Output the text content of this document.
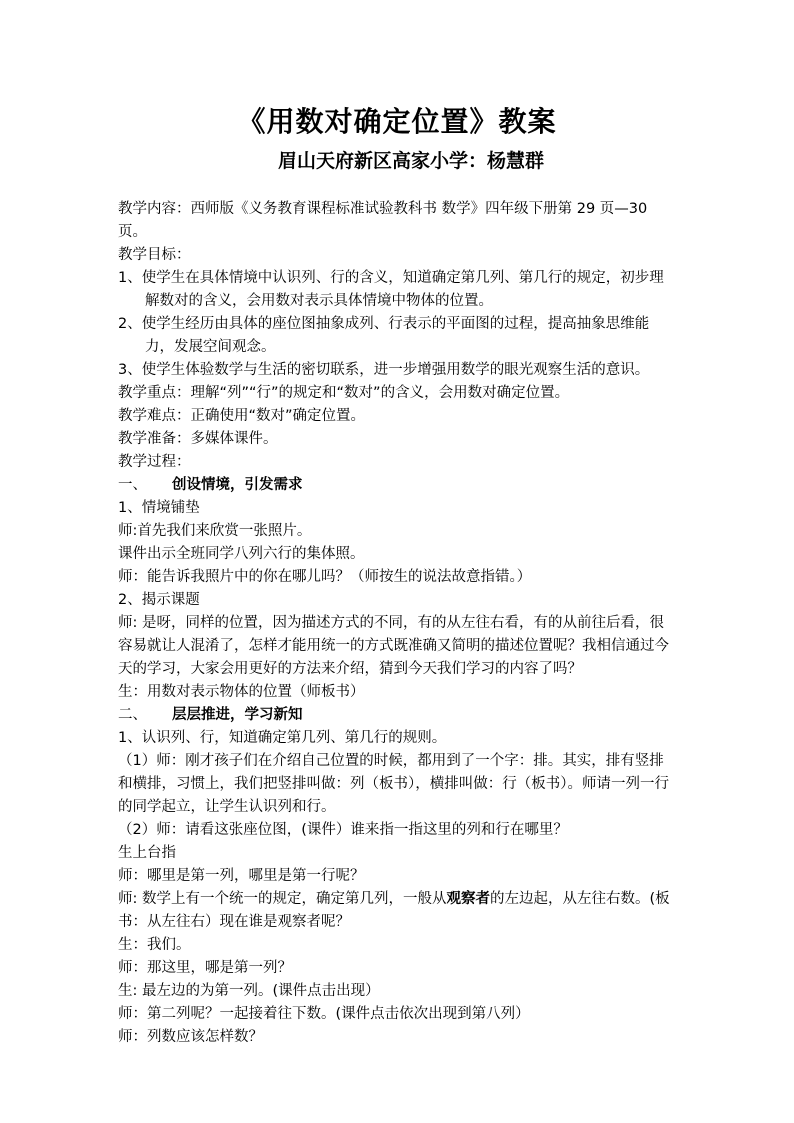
《用数对确定位置》教案
眉山天府新区高家小学：杨慧群

教学内容：西师版《义务教育课程标准试验教科书 数学》四年级下册第 29 页—30 页。

教学目标：

1、使学生在具体情境中认识列、行的含义，知道确定第几列、第几行的规定，初步理解数对的含义，会用数对表示具体情境中物体的位置。

2、使学生经历由具体的座位图抽象成列、行表示的平面图的过程，提高抽象思维能力，发展空间观念。

3、使学生体验数学与生活的密切联系，进一步增强用数学的眼光观察生活的意识。

教学重点：理解“列”“行”的规定和“数对”的含义，会用数对确定位置。

教学难点：正确使用“数对”确定位置。

教学准备：多媒体课件。

教学过程：

一、 创设情境，引发需求

1、情境铺垫

师:首先我们来欣赏一张照片。

课件出示全班同学八列六行的集体照。

师：能告诉我照片中的你在哪儿吗？（师按生的说法故意指错。）

2、揭示课题

师: 是呀，同样的位置，因为描述方式的不同，有的从左往右看，有的从前往后看，很容易就让人混淆了，怎样才能用统一的方式既准确又简明的描述位置呢？我相信通过今天的学习，大家会用更好的方法来介绍，猜到今天我们学习的内容了吗？

生：用数对表示物体的位置（师板书）

二、 层层推进，学习新知

1、认识列、行，知道确定第几列、第几行的规则。

（1）师：刚才孩子们在介绍自己位置的时候，都用到了一个字：排。其实，排有竖排和横排，习惯上，我们把竖排叫做：列（板书），横排叫做：行（板书）。师请一列一行的同学起立，让学生认识列和行。

（2）师：请看这张座位图，(课件）谁来指一指这里的列和行在哪里？

生上台指

师：哪里是第一列，哪里是第一行呢？

师: 数学上有一个统一的规定，确定第几列，一般从观察者的左边起，从左往右数。(板书：从左往右）现在谁是观察者呢？

生：我们。

师：那这里，哪是第一列？

生: 最左边的为第一列。(课件点击出现）

师：第二列呢？一起接着往下数。(课件点击依次出现到第八列）

师：列数应该怎样数？
